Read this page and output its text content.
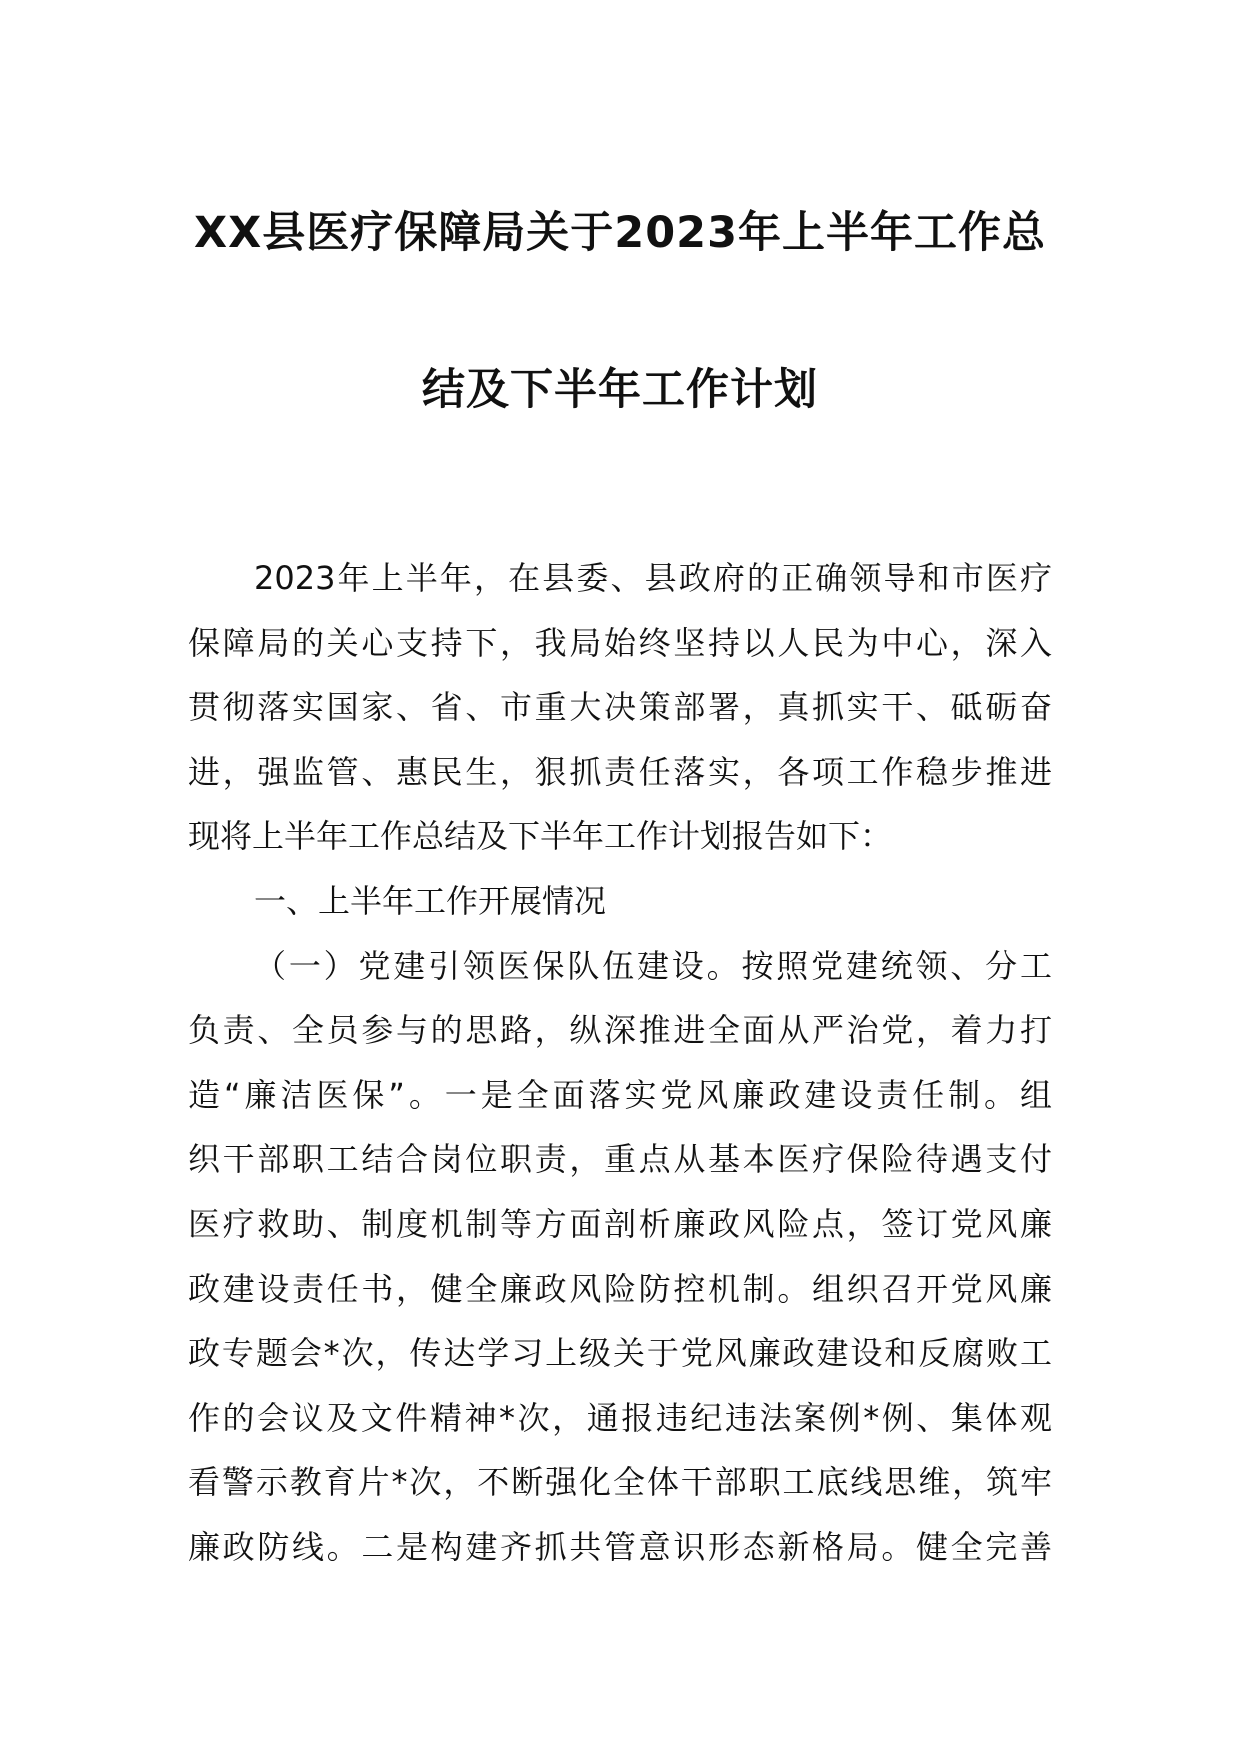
XX县医疗保障局关于2023年上半年工作总
结及下半年工作计划
2023年上半年，在县委、县政府的正确领导和市医疗
保障局的关心支持下，我局始终坚持以人民为中心，深入
贯彻落实国家、省、市重大决策部署，真抓实干、砥砺奋
进，强监管、惠民生，狠抓责任落实，各项工作稳步推进
现将上半年工作总结及下半年工作计划报告如下：
一、上半年工作开展情况
（一）党建引领医保队伍建设。按照党建统领、分工
负责、全员参与的思路，纵深推进全面从严治党，着力打
造“廉洁医保”。一是全面落实党风廉政建设责任制。组
织干部职工结合岗位职责，重点从基本医疗保险待遇支付
医疗救助、制度机制等方面剖析廉政风险点，签订党风廉
政建设责任书，健全廉政风险防控机制。组织召开党风廉
政专题会*次，传达学习上级关于党风廉政建设和反腐败工
作的会议及文件精神*次，通报违纪违法案例*例、集体观
看警示教育片*次，不断强化全体干部职工底线思维，筑牢
廉政防线。二是构建齐抓共管意识形态新格局。健全完善
